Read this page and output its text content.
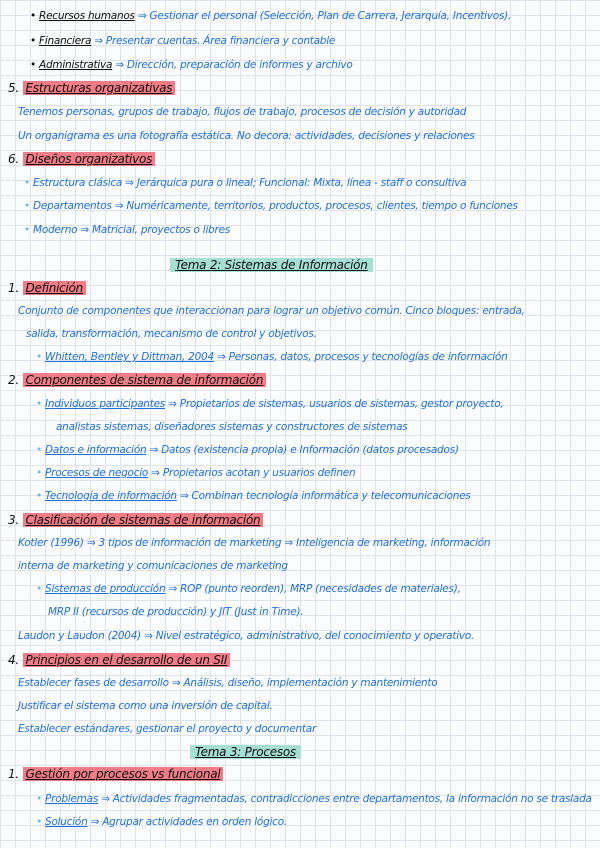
• Recursos humanos ⇒ Gestionar el personal (Selección, Plan de Carrera, Jerarquía, Incentivos).
• Financiera ⇒ Presentar cuentas. Área financiera y contable
• Administrativa ⇒ Dirección, preparación de informes y archivo
5. Estructuras organizativas
Tenemos personas, grupos de trabajo, flujos de trabajo, procesos de decisión y autoridad
Un organigrama es una fotografía estática. No decora: actividades, decisiones y relaciones
6. Diseños organizativos
• Estructura clásica ⇒ Jerárquica pura o lineal; Funcional: Mixta, línea - staff o consultiva
• Departamentos ⇒ Numéricamente, territorios, productos, procesos, clientes, tiempo o funciones
• Moderno ⇒ Matricial, proyectos o libres
Tema 2: Sistemas de Información
1. Definición
Conjunto de componentes que interaccionan para lograr un objetivo común. Cinco bloques: entrada,
salida, transformación, mecanismo de control y objetivos.
• Whitten, Bentley y Dittman, 2004 ⇒ Personas, datos, procesos y tecnologías de información
2. Componentes de sistema de información
• Individuos participantes ⇒ Propietarios de sistemas, usuarios de sistemas, gestor proyecto,
analistas sistemas, diseñadores sistemas y constructores de sistemas
• Datos e información ⇒ Datos (existencia propia) e Información (datos procesados)
• Procesos de negocio ⇒ Propietarios acotan y usuarios definen
• Tecnología de información ⇒ Combinan tecnología informática y telecomunicaciones
3. Clasificación de sistemas de información
Kotler (1996) ⇒ 3 tipos de información de marketing ⇒ Inteligencia de marketing, información
interna de marketing y comunicaciones de marketing
• Sistemas de producción ⇒ ROP (punto reorden), MRP (necesidades de materiales),
MRP II (recursos de producción) y JIT (Just in Time).
Laudon y Laudon (2004) ⇒ Nivel estratégico, administrativo, del conocimiento y operativo.
4. Principios en el desarrollo de un SII
Establecer fases de desarrollo ⇒ Análisis, diseño, implementación y mantenimiento
Justificar el sistema como una inversión de capital.
Establecer estándares, gestionar el proyecto y documentar
Tema 3: Procesos
1. Gestión por procesos vs funcional
• Problemas ⇒ Actividades fragmentadas, contradicciones entre departamentos, la información no se traslada
• Solución ⇒ Agrupar actividades en orden lógico.
